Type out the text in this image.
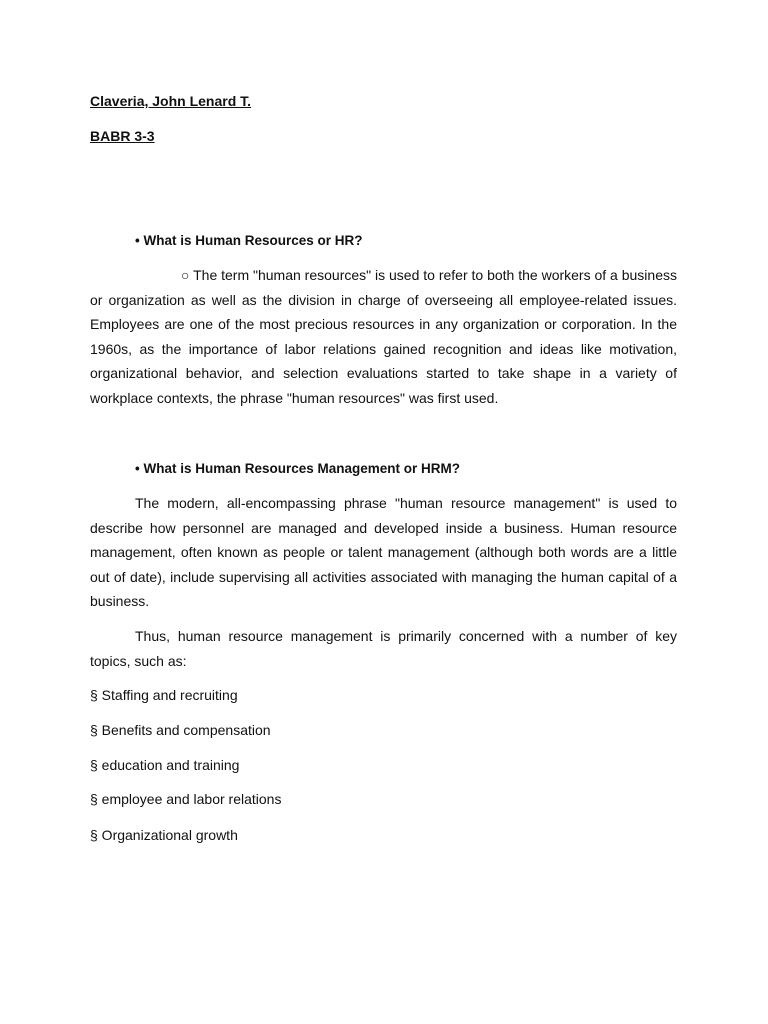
Claveria, John Lenard T.

BABR 3-3

• What is Human Resources or HR?

○ The term "human resources" is used to refer to both the workers of a business or organization as well as the division in charge of overseeing all employee-related issues. Employees are one of the most precious resources in any organization or corporation. In the 1960s, as the importance of labor relations gained recognition and ideas like motivation, organizational behavior, and selection evaluations started to take shape in a variety of workplace contexts, the phrase "human resources" was first used.

• What is Human Resources Management or HRM?

The modern, all-encompassing phrase "human resource management" is used to describe how personnel are managed and developed inside a business. Human resource management, often known as people or talent management (although both words are a little out of date), include supervising all activities associated with managing the human capital of a business.

Thus, human resource management is primarily concerned with a number of key topics, such as:

§ Staffing and recruiting

§ Benefits and compensation

§ education and training

§ employee and labor relations

§ Organizational growth
